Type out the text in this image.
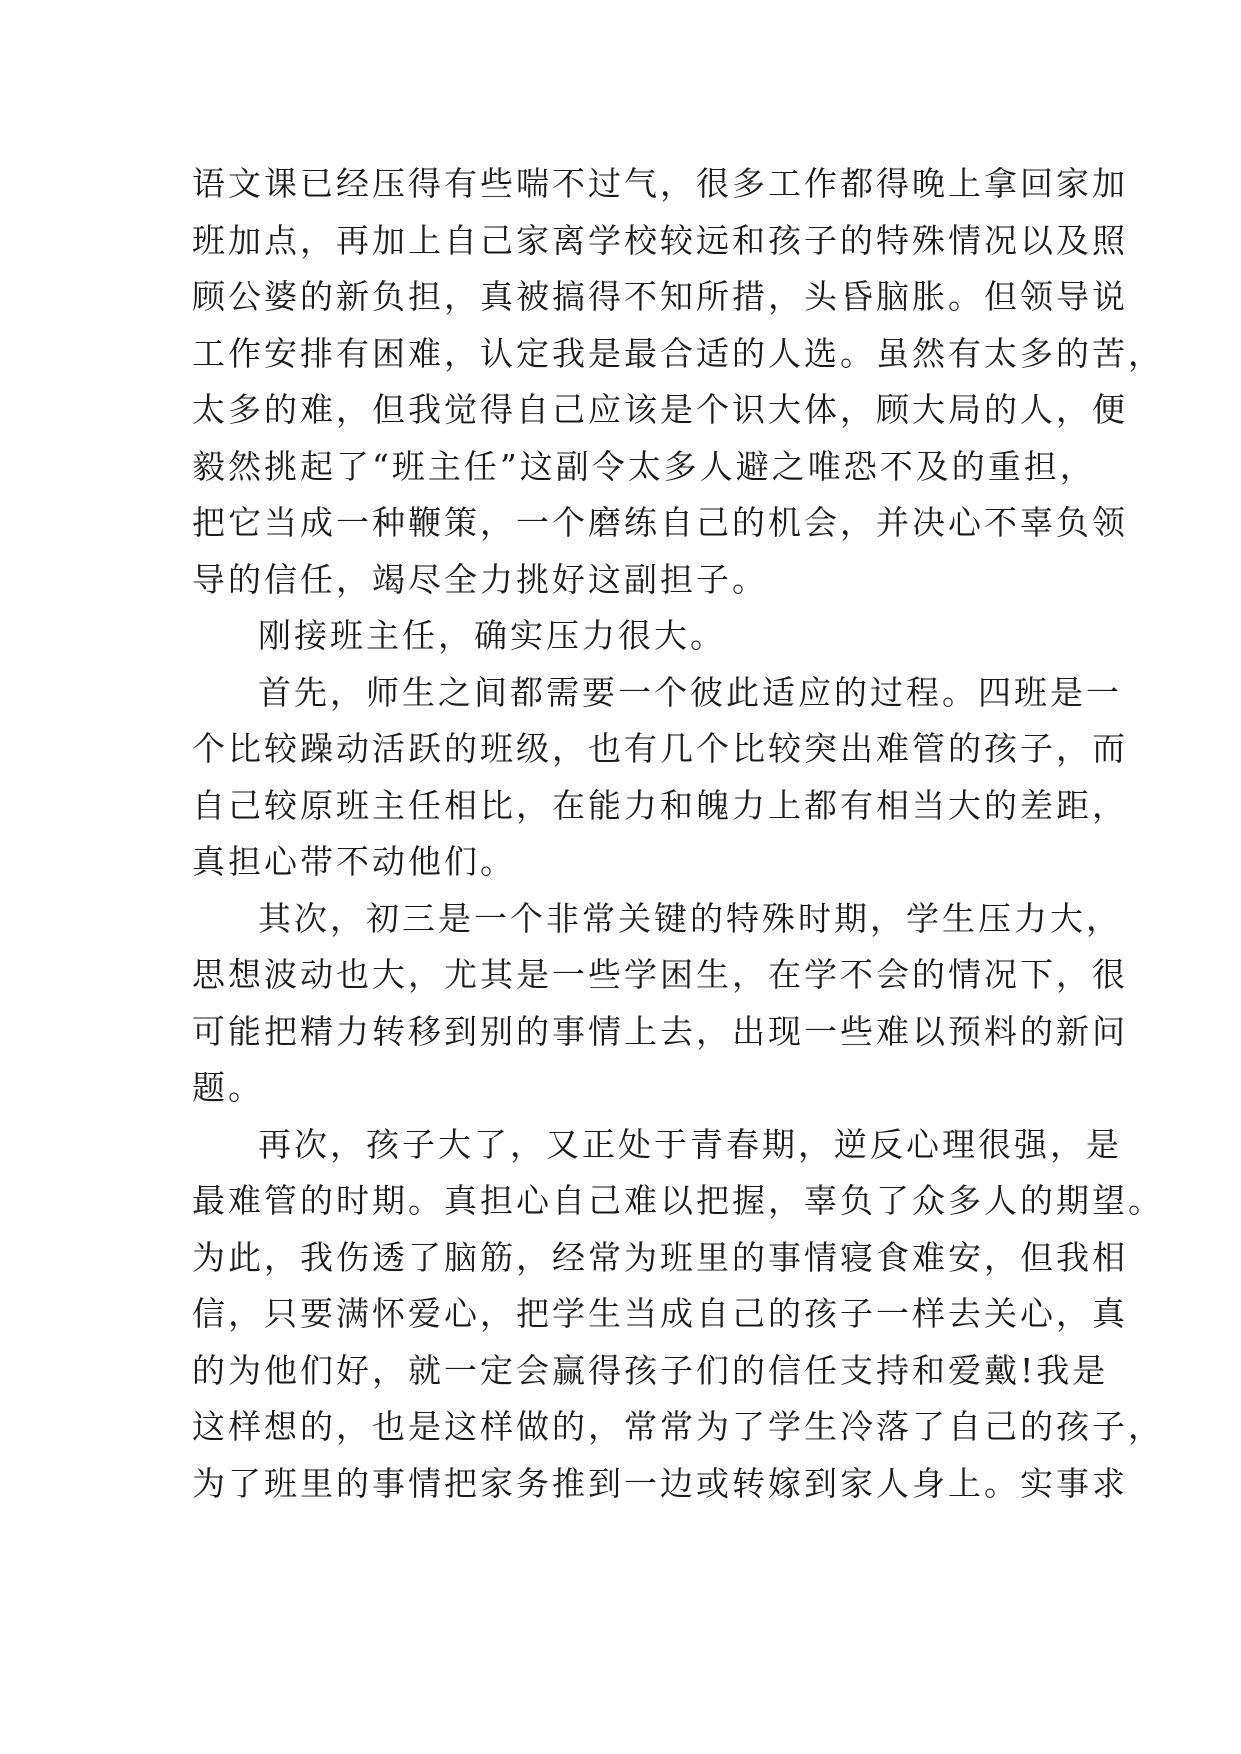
语文课已经压得有些喘不过气，很多工作都得晚上拿回家加
班加点，再加上自己家离学校较远和孩子的特殊情况以及照
顾公婆的新负担，真被搞得不知所措，头昏脑胀。但领导说
工作安排有困难，认定我是最合适的人选。虽然有太多的苦，
太多的难，但我觉得自己应该是个识大体，顾大局的人，便
毅然挑起了“班主任”这副令太多人避之唯恐不及的重担，
把它当成一种鞭策，一个磨练自己的机会，并决心不辜负领
导的信任，竭尽全力挑好这副担子。
刚接班主任，确实压力很大。
首先，师生之间都需要一个彼此适应的过程。四班是一
个比较躁动活跃的班级，也有几个比较突出难管的孩子，而
自己较原班主任相比，在能力和魄力上都有相当大的差距，
真担心带不动他们。
其次，初三是一个非常关键的特殊时期，学生压力大，
思想波动也大，尤其是一些学困生，在学不会的情况下，很
可能把精力转移到别的事情上去，出现一些难以预料的新问
题。
再次，孩子大了，又正处于青春期，逆反心理很强，是
最难管的时期。真担心自己难以把握，辜负了众多人的期望。
为此，我伤透了脑筋，经常为班里的事情寝食难安，但我相
信，只要满怀爱心，把学生当成自己的孩子一样去关心，真
的为他们好，就一定会赢得孩子们的信任支持和爱戴!我是
这样想的，也是这样做的，常常为了学生冷落了自己的孩子，
为了班里的事情把家务推到一边或转嫁到家人身上。实事求
